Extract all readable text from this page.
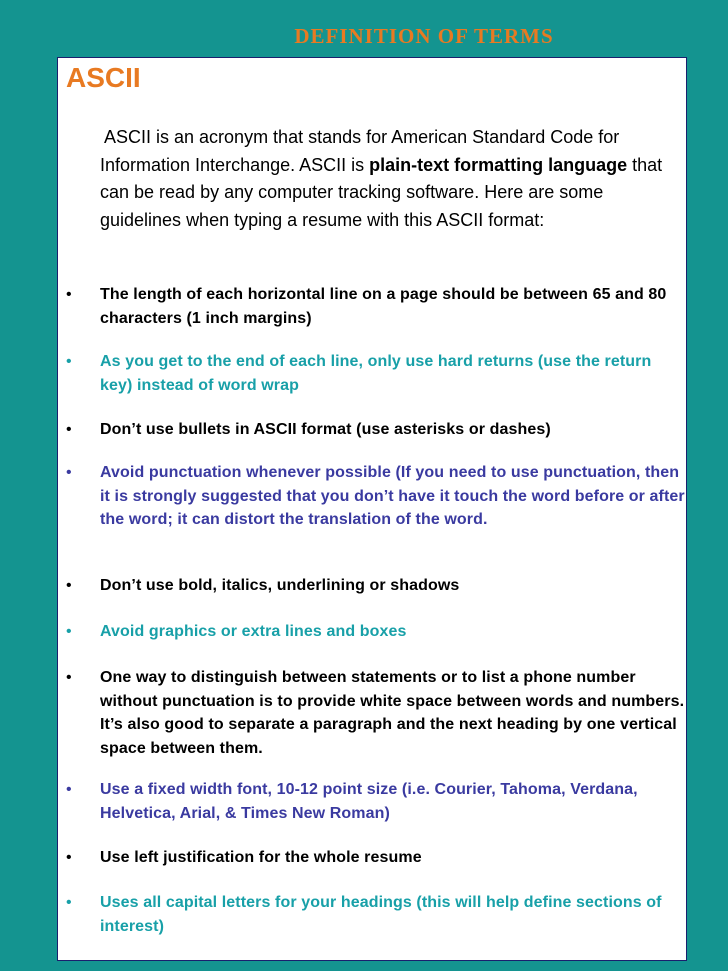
DEFINITION OF TERMS
ASCII
ASCII is an acronym that stands for American Standard Code for Information Interchange. ASCII is plain-text formatting language that can be read by any computer tracking software. Here are some guidelines when typing a resume with this ASCII format:
• The length of each horizontal line on a page should be between 65 and 80 characters (1 inch margins)
• As you get to the end of each line, only use hard returns (use the return key) instead of word wrap
• Don’t use bullets in ASCII format (use asterisks or dashes)
• Avoid punctuation whenever possible (If you need to use punctuation, then it is strongly suggested that you don’t have it touch the word before or after the word; it can distort the translation of the word.
• Don’t use bold, italics, underlining or shadows
• Avoid graphics or extra lines and boxes
• One way to distinguish between statements or to list a phone number without punctuation is to provide white space between words and numbers. It’s also good to separate a paragraph and the next heading by one vertical space between them.
• Use a fixed width font, 10-12 point size (i.e. Courier, Tahoma, Verdana, Helvetica, Arial, & Times New Roman)
• Use left justification for the whole resume
• Uses all capital letters for your headings (this will help define sections of interest)
